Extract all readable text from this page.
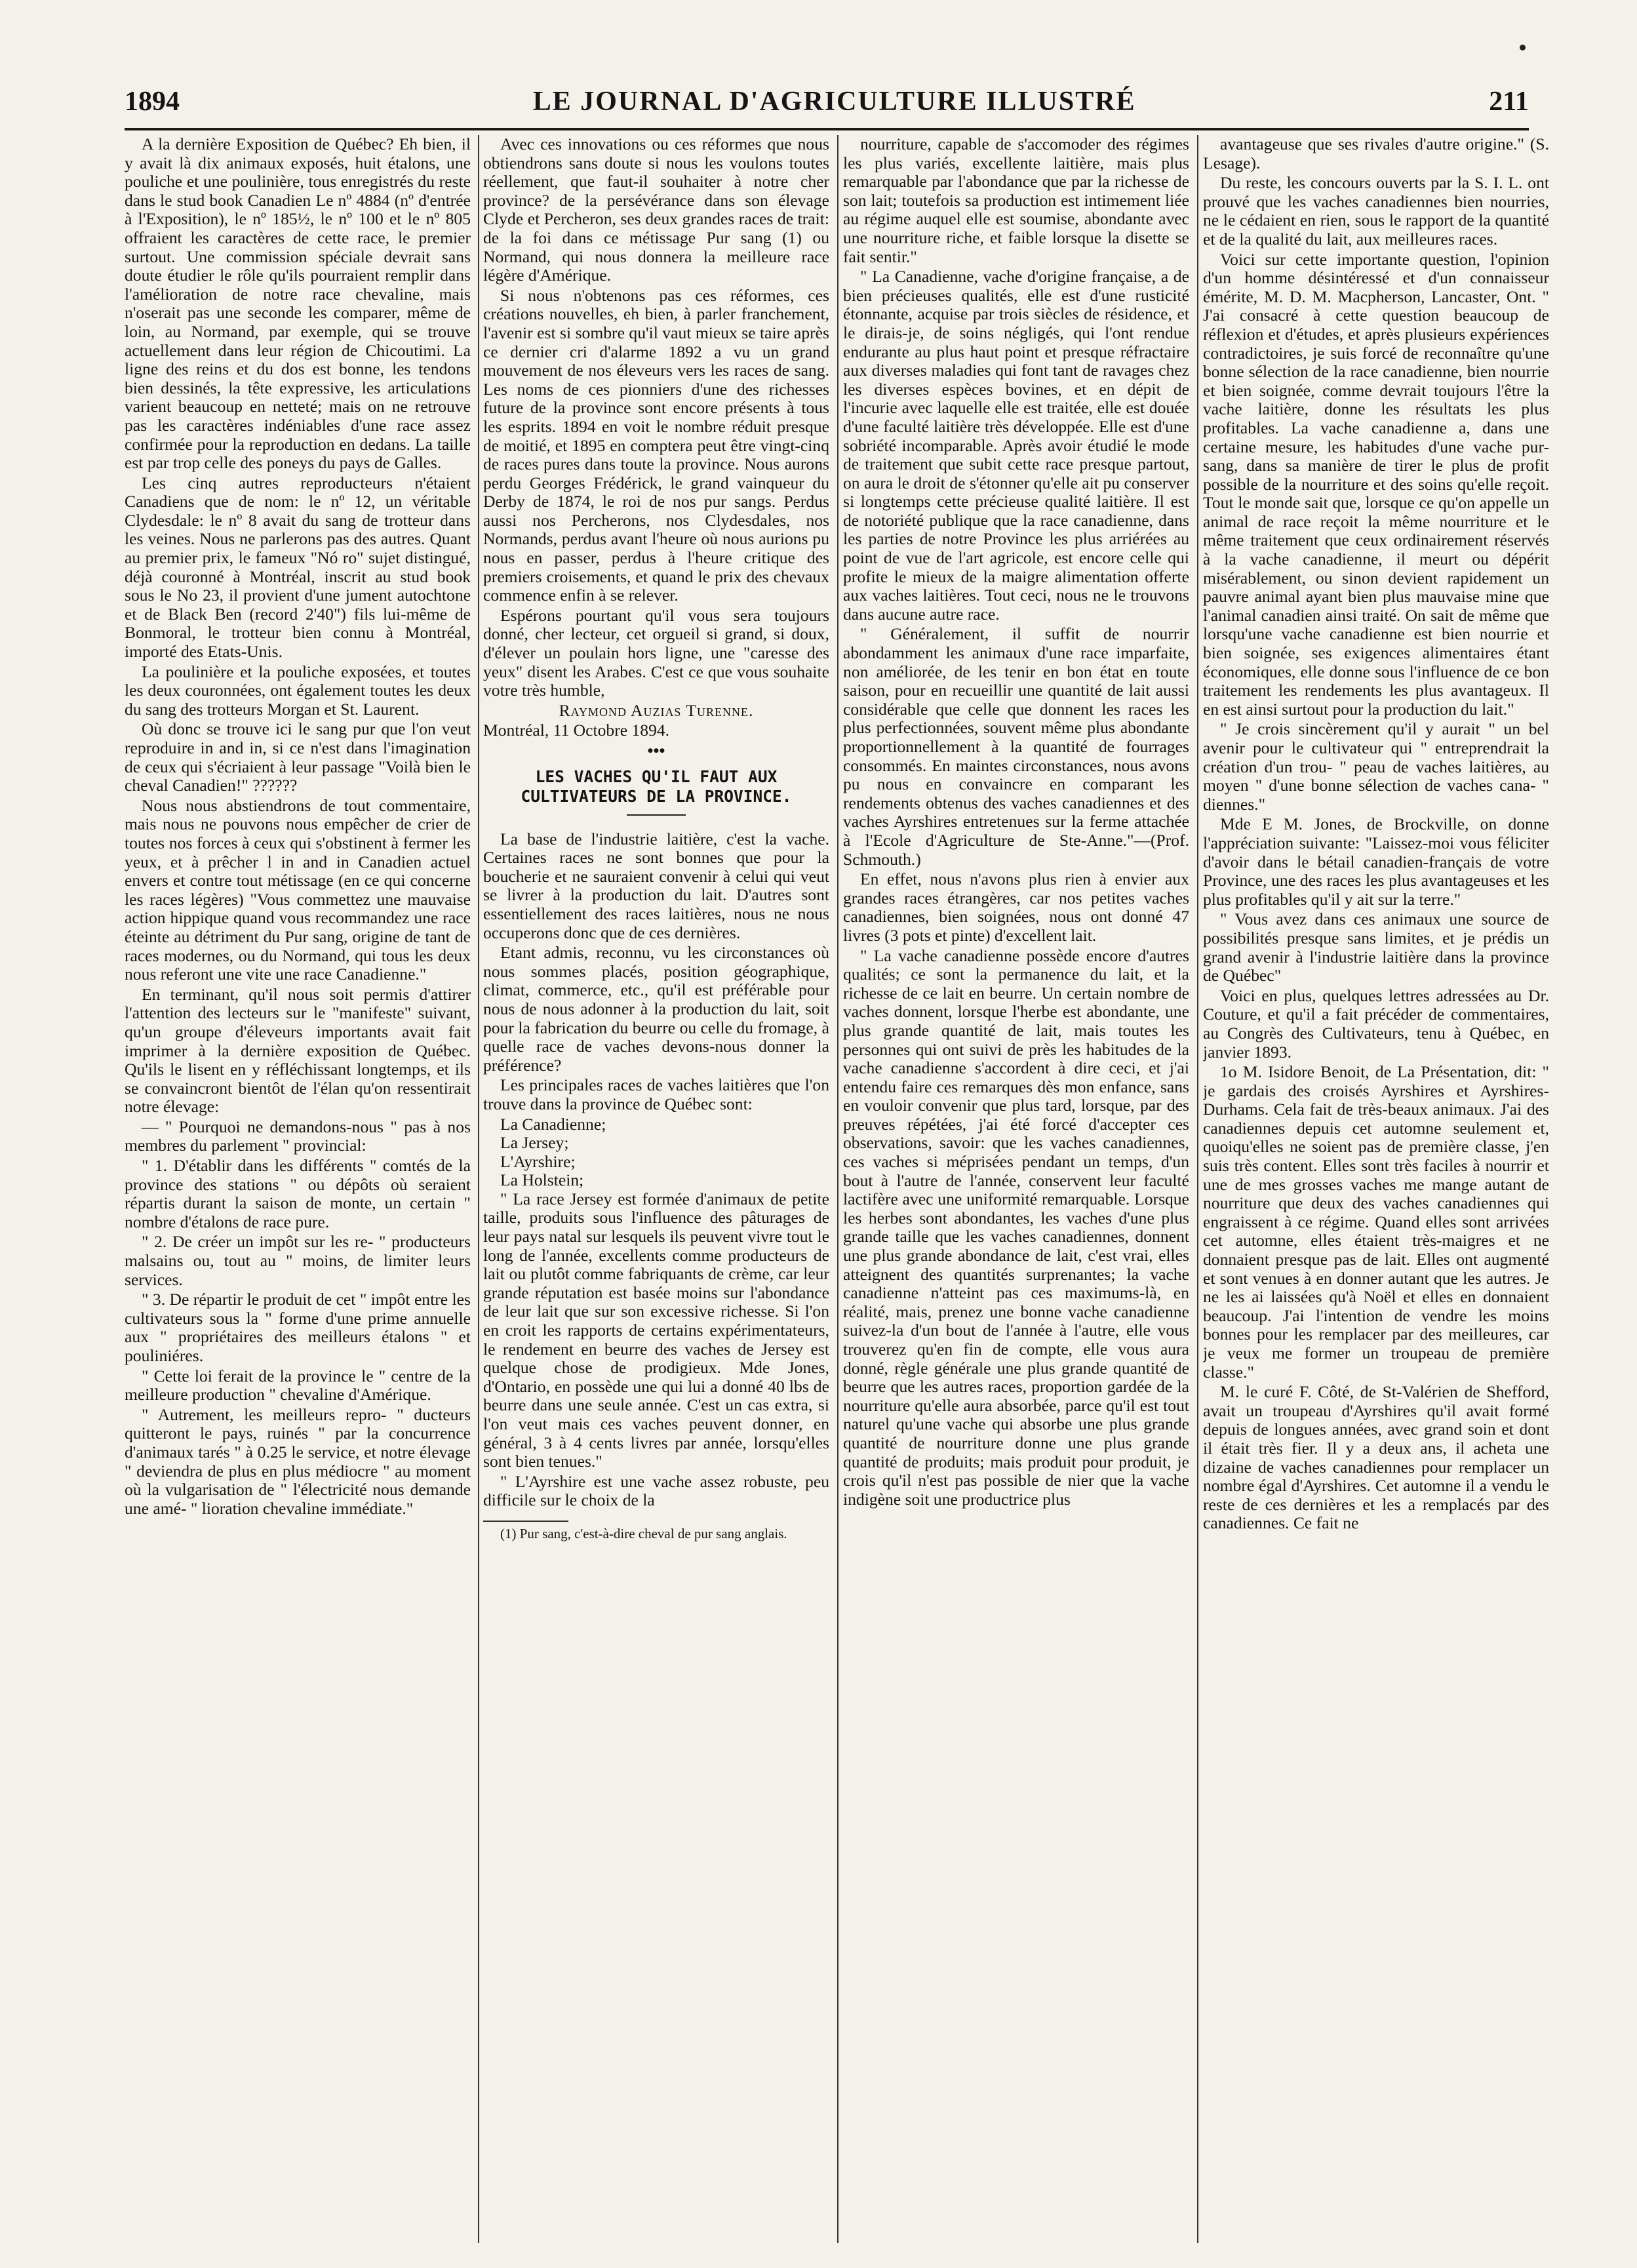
1894	LE JOURNAL D'AGRICULTURE ILLUSTRÉ	211

A la dernière Exposition de Québec? Eh bien, il y avait là dix animaux exposés, huit étalons, une pouliche et une poulinière, tous enregistrés du reste dans le stud book Canadien Le nº 4884 (nº d'entrée à l'Exposition), le nº 185½, le nº 100 et le nº 805 offraient les caractères de cette race, le premier surtout. Une commission spéciale devrait sans doute étudier le rôle qu'ils pourraient remplir dans l'amélioration de notre race chevaline, mais n'oserait pas une seconde les comparer, même de loin, au Normand, par exemple, qui se trouve actuellement dans leur région de Chicoutimi. La ligne des reins et du dos est bonne, les tendons bien dessinés, la tête expressive, les articulations varient beaucoup en netteté; mais on ne retrouve pas les caractères indéniables d'une race assez confirmée pour la reproduction en dedans. La taille est par trop celle des poneys du pays de Galles.

Les cinq autres reproducteurs n'étaient Canadiens que de nom: le nº 12, un véritable Clydesdale: le nº 8 avait du sang de trotteur dans les veines. Nous ne parlerons pas des autres. Quant au premier prix, le fameux "Nó ro" sujet distingué, déjà couronné à Montréal, inscrit au stud book sous le No 23, il provient d'une jument autochtone et de Black Ben (record 2'40") fils lui-même de Bonmoral, le trotteur bien connu à Montréal, importé des Etats-Unis.

La poulinière et la pouliche exposées, et toutes les deux couronnées, ont également toutes les deux du sang des trotteurs Morgan et St. Laurent.

Où donc se trouve ici le sang pur que l'on veut reproduire in and in, si ce n'est dans l'imagination de ceux qui s'écriaient à leur passage "Voilà bien le cheval Canadien!" ??????

Nous nous abstiendrons de tout commentaire, mais nous ne pouvons nous empêcher de crier de toutes nos forces à ceux qui s'obstinent à fermer les yeux, et à prêcher l in and in Canadien actuel envers et contre tout métissage (en ce qui concerne les races légères) "Vous commettez une mauvaise action hippique quand vous recommandez une race éteinte au détriment du Pur sang, origine de tant de races modernes, ou du Normand, qui tous les deux nous referont une vite une race Canadienne."

En terminant, qu'il nous soit permis d'attirer l'attention des lecteurs sur le "manifeste" suivant, qu'un groupe d'éleveurs importants avait fait imprimer à la dernière exposition de Québec. Qu'ils le lisent en y réfléchissant longtemps, et ils se convaincront bientôt de l'élan qu'on ressentirait notre élevage:

— " Pourquoi ne demandons-nous " pas à nos membres du parlement " provincial:

" 1. D'établir dans les différents " comtés de la province des stations " ou dépôts où seraient répartis durant la saison de monte, un certain " nombre d'étalons de race pure.

" 2. De créer un impôt sur les re- " producteurs malsains ou, tout au " moins, de limiter leurs services.

" 3. De répartir le produit de cet " impôt entre les cultivateurs sous la " forme d'une prime annuelle aux " propriétaires des meilleurs étalons " et pouliniéres.

" Cette loi ferait de la province le " centre de la meilleure production " chevaline d'Amérique.

" Autrement, les meilleurs repro- " ducteurs quitteront le pays, ruinés " par la concurrence d'animaux tarés " à 0.25 le service, et notre élevage " deviendra de plus en plus médiocre " au moment où la vulgarisation de " l'électricité nous demande une amé- " lioration chevaline immédiate."

Avec ces innovations ou ces réformes que nous obtiendrons sans doute si nous les voulons toutes réellement, que faut-il souhaiter à notre cher province? de la persévérance dans son élevage Clyde et Percheron, ses deux grandes races de trait: de la foi dans ce métissage Pur sang (1) ou Normand, qui nous donnera la meilleure race légère d'Amérique.

Si nous n'obtenons pas ces réformes, ces créations nouvelles, eh bien, à parler franchement, l'avenir est si sombre qu'il vaut mieux se taire après ce dernier cri d'alarme 1892 a vu un grand mouvement de nos éleveurs vers les races de sang. Les noms de ces pionniers d'une des richesses future de la province sont encore présents à tous les esprits. 1894 en voit le nombre réduit presque de moitié, et 1895 en comptera peut être vingt-cinq de races pures dans toute la province. Nous aurons perdu Georges Frédérick, le grand vainqueur du Derby de 1874, le roi de nos pur sangs. Perdus aussi nos Percherons, nos Clydesdales, nos Normands, perdus avant l'heure où nous aurions pu nous en passer, perdus à l'heure critique des premiers croisements, et quand le prix des chevaux commence enfin à se relever.

Espérons pourtant qu'il vous sera toujours donné, cher lecteur, cet orgueil si grand, si doux, d'élever un poulain hors ligne, une "caresse des yeux" disent les Arabes. C'est ce que vous souhaite votre très humble,

Raymond Auzias Turenne.

Montréal, 11 Octobre 1894.

•••

LES VACHES QU'IL FAUT AUX CULTIVATEURS DE LA PROVINCE.

La base de l'industrie laitière, c'est la vache. Certaines races ne sont bonnes que pour la boucherie et ne sauraient convenir à celui qui veut se livrer à la production du lait. D'autres sont essentiellement des races laitières, nous ne nous occuperons donc que de ces dernières.

Etant admis, reconnu, vu les circonstances où nous sommes placés, position géographique, climat, commerce, etc., qu'il est préférable pour nous de nous adonner à la production du lait, soit pour la fabrication du beurre ou celle du fromage, à quelle race de vaches devons-nous donner la préférence?

Les principales races de vaches laitières que l'on trouve dans la province de Québec sont:

La Canadienne;

La Jersey;

L'Ayrshire;

La Holstein;

" La race Jersey est formée d'animaux de petite taille, produits sous l'influence des pâturages de leur pays natal sur lesquels ils peuvent vivre tout le long de l'année, excellents comme producteurs de lait ou plutôt comme fabriquants de crème, car leur grande réputation est basée moins sur l'abondance de leur lait que sur son excessive richesse. Si l'on en croit les rapports de certains expérimentateurs, le rendement en beurre des vaches de Jersey est quelque chose de prodigieux. Mde Jones, d'Ontario, en possède une qui lui a donné 40 lbs de beurre dans une seule année. C'est un cas extra, si l'on veut mais ces vaches peuvent donner, en général, 3 à 4 cents livres par année, lorsqu'elles sont bien tenues."

" L'Ayrshire est une vache assez robuste, peu difficile sur le choix de la

(1) Pur sang, c'est-à-dire cheval de pur sang anglais.

nourriture, capable de s'accomoder des régimes les plus variés, excellente laitière, mais plus remarquable par l'abondance que par la richesse de son lait; toutefois sa production est intimement liée au régime auquel elle est soumise, abondante avec une nourriture riche, et faible lorsque la disette se fait sentir."

" La Canadienne, vache d'origine française, a de bien précieuses qualités, elle est d'une rusticité étonnante, acquise par trois siècles de résidence, et le dirais-je, de soins négligés, qui l'ont rendue endurante au plus haut point et presque réfractaire aux diverses maladies qui font tant de ravages chez les diverses espèces bovines, et en dépit de l'incurie avec laquelle elle est traitée, elle est douée d'une faculté laitière très développée. Elle est d'une sobriété incomparable. Après avoir étudié le mode de traitement que subit cette race presque partout, on aura le droit de s'étonner qu'elle ait pu conserver si longtemps cette précieuse qualité laitière. Il est de notoriété publique que la race canadienne, dans les parties de notre Province les plus arriérées au point de vue de l'art agricole, est encore celle qui profite le mieux de la maigre alimentation offerte aux vaches laitières. Tout ceci, nous ne le trouvons dans aucune autre race.

" Généralement, il suffit de nourrir abondamment les animaux d'une race imparfaite, non améliorée, de les tenir en bon état en toute saison, pour en recueillir une quantité de lait aussi considérable que celle que donnent les races les plus perfectionnées, souvent même plus abondante proportionnellement à la quantité de fourrages consommés. En maintes circonstances, nous avons pu nous en convaincre en comparant les rendements obtenus des vaches canadiennes et des vaches Ayrshires entretenues sur la ferme attachée à l'Ecole d'Agriculture de Ste-Anne."—(Prof. Schmouth.)

En effet, nous n'avons plus rien à envier aux grandes races étrangères, car nos petites vaches canadiennes, bien soignées, nous ont donné 47 livres (3 pots et pinte) d'excellent lait.

" La vache canadienne possède encore d'autres qualités; ce sont la permanence du lait, et la richesse de ce lait en beurre. Un certain nombre de vaches donnent, lorsque l'herbe est abondante, une plus grande quantité de lait, mais toutes les personnes qui ont suivi de près les habitudes de la vache canadienne s'accordent à dire ceci, et j'ai entendu faire ces remarques dès mon enfance, sans en vouloir convenir que plus tard, lorsque, par des preuves répétées, j'ai été forcé d'accepter ces observations, savoir: que les vaches canadiennes, ces vaches si méprisées pendant un temps, d'un bout à l'autre de l'année, conservent leur faculté lactifère avec une uniformité remarquable. Lorsque les herbes sont abondantes, les vaches d'une plus grande taille que les vaches canadiennes, donnent une plus grande abondance de lait, c'est vrai, elles atteignent des quantités surprenantes; la vache canadienne n'atteint pas ces maximums-là, en réalité, mais, prenez une bonne vache canadienne suivez-la d'un bout de l'année à l'autre, elle vous trouverez qu'en fin de compte, elle vous aura donné, règle générale une plus grande quantité de beurre que les autres races, proportion gardée de la nourriture qu'elle aura absorbée, parce qu'il est tout naturel qu'une vache qui absorbe une plus grande quantité de nourriture donne une plus grande quantité de produits; mais produit pour produit, je crois qu'il n'est pas possible de nier que la vache indigène soit une productrice plus

avantageuse que ses rivales d'autre origine." (S. Lesage).

Du reste, les concours ouverts par la S. I. L. ont prouvé que les vaches canadiennes bien nourries, ne le cédaient en rien, sous le rapport de la quantité et de la qualité du lait, aux meilleures races.

Voici sur cette importante question, l'opinion d'un homme désintéressé et d'un connaisseur émérite, M. D. M. Macpherson, Lancaster, Ont. " J'ai consacré à cette question beaucoup de réflexion et d'études, et après plusieurs expériences contradictoires, je suis forcé de reconnaître qu'une bonne sélection de la race canadienne, bien nourrie et bien soignée, comme devrait toujours l'être la vache laitière, donne les résultats les plus profitables. La vache canadienne a, dans une certaine mesure, les habitudes d'une vache pur-sang, dans sa manière de tirer le plus de profit possible de la nourriture et des soins qu'elle reçoit. Tout le monde sait que, lorsque ce qu'on appelle un animal de race reçoit la même nourriture et le même traitement que ceux ordinairement réservés à la vache canadienne, il meurt ou dépérit misérablement, ou sinon devient rapidement un pauvre animal ayant bien plus mauvaise mine que l'animal canadien ainsi traité. On sait de même que lorsqu'une vache canadienne est bien nourrie et bien soignée, ses exigences alimentaires étant économiques, elle donne sous l'influence de ce bon traitement les rendements les plus avantageux. Il en est ainsi surtout pour la production du lait."

" Je crois sincèrement qu'il y aurait " un bel avenir pour le cultivateur qui " entreprendrait la création d'un trou- " peau de vaches laitières, au moyen " d'une bonne sélection de vaches cana- " diennes."

Mde E M. Jones, de Brockville, on donne l'appréciation suivante: "Laissez-moi vous féliciter d'avoir dans le bétail canadien-français de votre Province, une des races les plus avantageuses et les plus profitables qu'il y ait sur la terre."

" Vous avez dans ces animaux une source de possibilités presque sans limites, et je prédis un grand avenir à l'industrie laitière dans la province de Québec"

Voici en plus, quelques lettres adressées au Dr. Couture, et qu'il a fait précéder de commentaires, au Congrès des Cultivateurs, tenu à Québec, en janvier 1893.

1o M. Isidore Benoit, de La Présentation, dit: " je gardais des croisés Ayrshires et Ayrshires-Durhams. Cela fait de très-beaux animaux. J'ai des canadiennes depuis cet automne seulement et, quoiqu'elles ne soient pas de première classe, j'en suis très content. Elles sont très faciles à nourrir et une de mes grosses vaches me mange autant de nourriture que deux des vaches canadiennes qui engraissent à ce régime. Quand elles sont arrivées cet automne, elles étaient très-maigres et ne donnaient presque pas de lait. Elles ont augmenté et sont venues à en donner autant que les autres. Je ne les ai laissées qu'à Noël et elles en donnaient beaucoup. J'ai l'intention de vendre les moins bonnes pour les remplacer par des meilleures, car je veux me former un troupeau de première classe."

M. le curé F. Côté, de St-Valérien de Shefford, avait un troupeau d'Ayrshires qu'il avait formé depuis de longues années, avec grand soin et dont il était très fier. Il y a deux ans, il acheta une dizaine de vaches canadiennes pour remplacer un nombre égal d'Ayrshires. Cet automne il a vendu le reste de ces dernières et les a remplacés par des canadiennes. Ce fait ne
